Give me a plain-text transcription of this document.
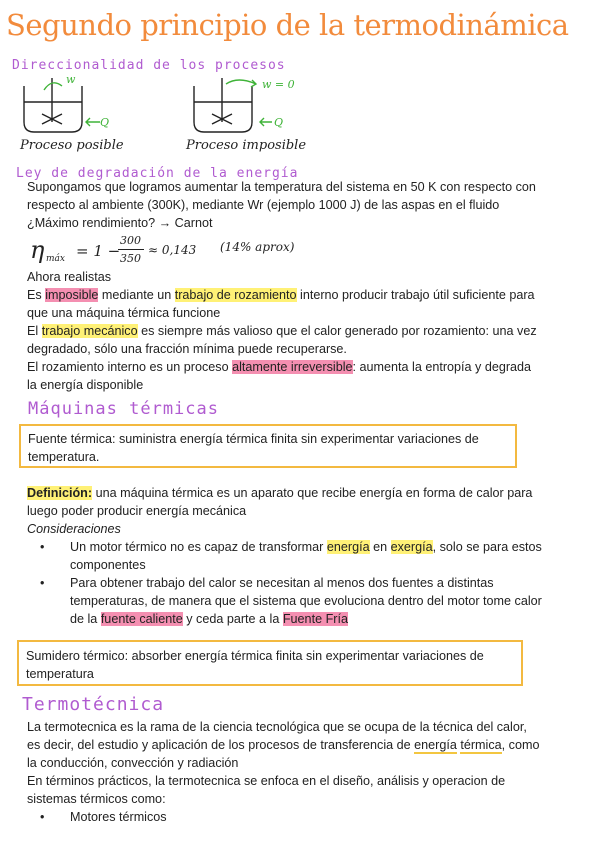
Segundo principio de la termodinámica
Direccionalidad de los procesos
w
Q
w = 0
Q
Proceso posible	Proceso imposible
Ley de degradación de la energía
Supongamos que logramos aumentar la temperatura del sistema en 50 K con respecto con respecto al ambiente (300K), mediante Wr (ejemplo 1000 J) de las aspas en el fluido
¿Máximo rendimiento? → Carnot
η máx = 1 −
300
350
≈ 0,143 (14% aprox)
Ahora realistas
Es imposible mediante un trabajo de rozamiento interno producir trabajo útil suficiente para
que una máquina térmica funcione
El trabajo mecánico es siempre más valioso que el calor generado por rozamiento: una vez
degradado, sólo una fracción mínima puede recuperarse.
El rozamiento interno es un proceso altamente irreversible: aumenta la entropía y degrada
la energía disponible
Máquinas térmicas
Fuente térmica: suministra energía térmica finita sin experimentar variaciones de temperatura.
Definición: una máquina térmica es un aparato que recibe energía en forma de calor para
luego poder producir energía mecánica
Consideraciones
• Un motor térmico no es capaz de transformar energía en exergía, solo se para estos
componentes
• Para obtener trabajo del calor se necesitan al menos dos fuentes a distintas
temperaturas, de manera que el sistema que evoluciona dentro del motor tome calor
de la fuente caliente y ceda parte a la Fuente Fría
Sumidero térmico: absorber energía térmica finita sin experimentar variaciones de temperatura
Termotécnica
La termotecnica es la rama de la ciencia tecnológica que se ocupa de la técnica del calor,
es decir, del estudio y aplicación de los procesos de transferencia de energía térmica, como
la conducción, convección y radiación
En términos prácticos, la termotecnica se enfoca en el diseño, análisis y operacion de
sistemas térmicos como:
• Motores térmicos
